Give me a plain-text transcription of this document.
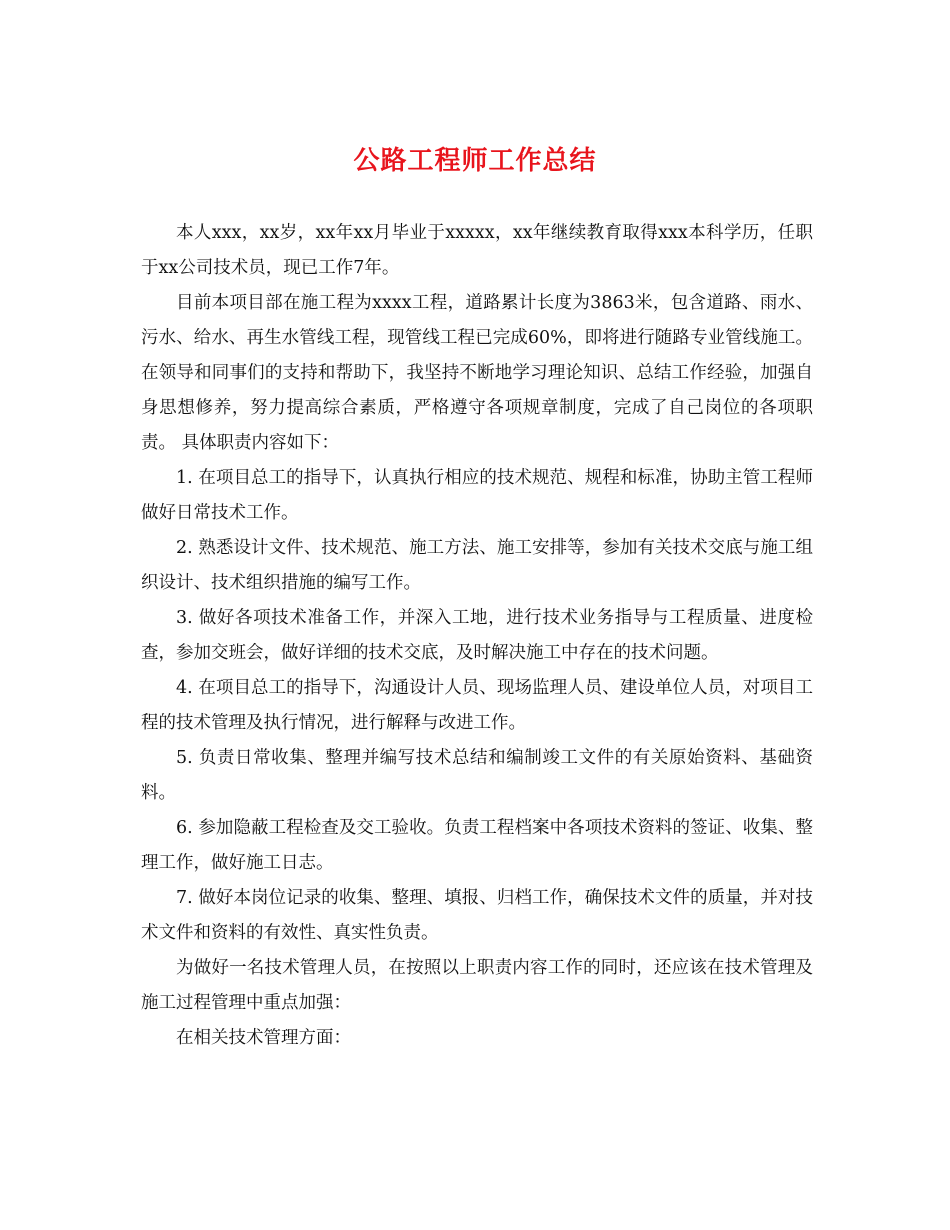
公路工程师工作总结

本人xxx，xx岁，xx年xx月毕业于xxxxx，xx年继续教育取得xxx本科学历，任职于xx公司技术员，现已工作7年。

目前本项目部在施工程为xxxx工程，道路累计长度为3863米，包含道路、雨水、污水、给水、再生水管线工程，现管线工程已完成60%，即将进行随路专业管线施工。 在领导和同事们的支持和帮助下，我坚持不断地学习理论知识、总结工作经验，加强自身思想修养，努力提高综合素质，严格遵守各项规章制度，完成了自己岗位的各项职责。 具体职责内容如下：

1. 在项目总工的指导下，认真执行相应的技术规范、规程和标准，协助主管工程师做好日常技术工作。

2. 熟悉设计文件、技术规范、施工方法、施工安排等，参加有关技术交底与施工组织设计、技术组织措施的编写工作。

3. 做好各项技术准备工作，并深入工地，进行技术业务指导与工程质量、进度检查，参加交班会，做好详细的技术交底，及时解决施工中存在的技术问题。

4. 在项目总工的指导下，沟通设计人员、现场监理人员、建设单位人员，对项目工程的技术管理及执行情况，进行解释与改进工作。

5. 负责日常收集、整理并编写技术总结和编制竣工文件的有关原始资料、基础资料。

6. 参加隐蔽工程检查及交工验收。负责工程档案中各项技术资料的签证、收集、整理工作，做好施工日志。

7. 做好本岗位记录的收集、整理、填报、归档工作，确保技术文件的质量，并对技术文件和资料的有效性、真实性负责。

为做好一名技术管理人员，在按照以上职责内容工作的同时，还应该在技术管理及施工过程管理中重点加强：

在相关技术管理方面：
